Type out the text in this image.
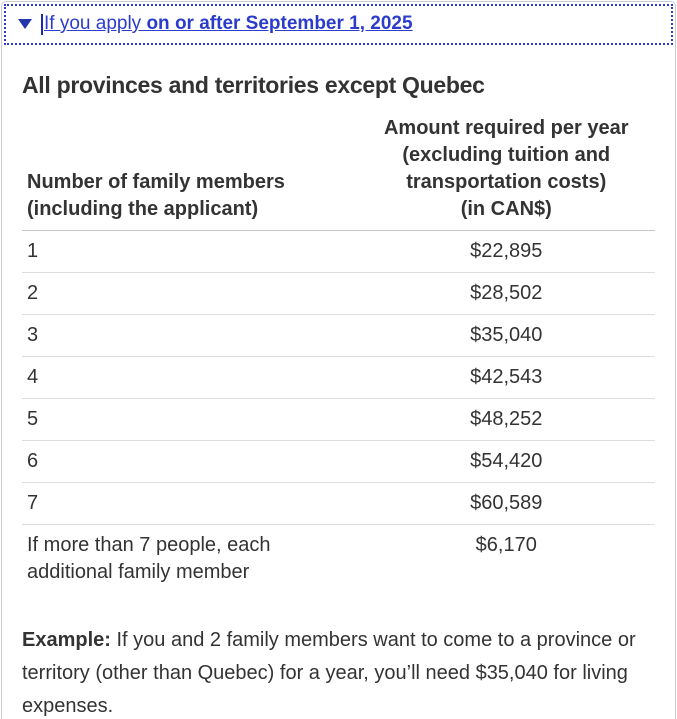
If you apply on or after September 1, 2025
All provinces and territories except Quebec
Number of family members
(including the applicant)

Amount required per year
(excluding tuition and
transportation costs)
(in CAN$)

1	$22,895
2	$28,502
3	$35,040
4	$42,543
5	$48,252
6	$54,420
7	$60,589
If more than 7 people, each additional family member	$6,170

Example: If you and 2 family members want to come to a province or territory (other than Quebec) for a year, you’ll need $35,040 for living expenses.
